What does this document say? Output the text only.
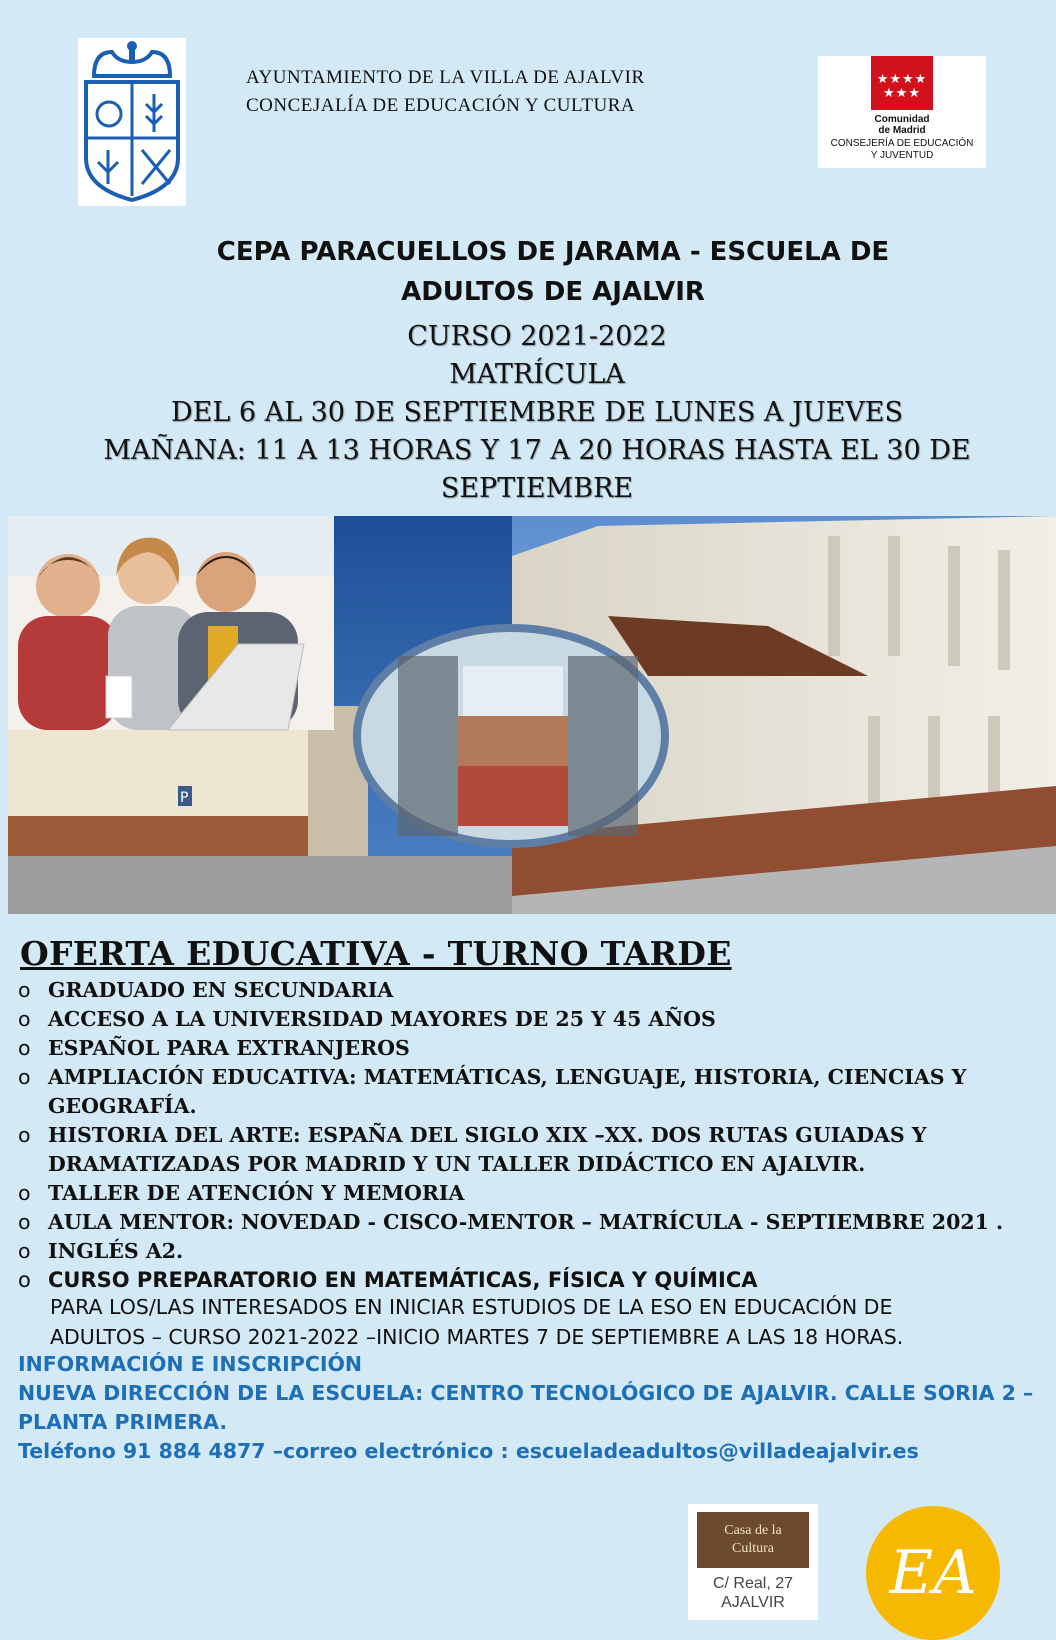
AYUNTAMIENTO DE LA VILLA DE AJALVIR
CONCEJALÍA DE EDUCACIÓN Y CULTURA
★★★★
★★★
Comunidad
de Madrid
CONSEJERÍA DE EDUCACIÓN
Y JUVENTUD
CEPA PARACUELLOS DE JARAMA - ESCUELA DE
ADULTOS DE AJALVIR
CURSO 2021-2022
MATRÍCULA
DEL 6 AL 30 DE SEPTIEMBRE DE LUNES A JUEVES
MAÑANA: 11 A 13 HORAS Y 17 A 20 HORAS HASTA EL 30 DE
SEPTIEMBRE
P
OFERTA EDUCATIVA - TURNO TARDE
o GRADUADO EN SECUNDARIA
o ACCESO A LA UNIVERSIDAD MAYORES DE 25 Y 45 AÑOS
o ESPAÑOL PARA EXTRANJEROS
o AMPLIACIÓN EDUCATIVA: MATEMÁTICAS, LENGUAJE, HISTORIA, CIENCIAS Y GEOGRAFÍA.
o HISTORIA DEL ARTE: ESPAÑA DEL SIGLO XIX –XX. DOS RUTAS GUIADAS Y DRAMATIZADAS POR MADRID Y UN TALLER DIDÁCTICO EN AJALVIR.
o TALLER DE ATENCIÓN Y MEMORIA
o AULA MENTOR: NOVEDAD - CISCO-MENTOR – MATRÍCULA - SEPTIEMBRE 2021 .
o INGLÉS A2.
o CURSO PREPARATORIO EN MATEMÁTICAS, FÍSICA Y QUÍMICA
PARA LOS/LAS INTERESADOS EN INICIAR ESTUDIOS DE LA ESO EN EDUCACIÓN DE
ADULTOS – CURSO 2021-2022 –INICIO MARTES 7 DE SEPTIEMBRE A LAS 18 HORAS.
INFORMACIÓN E INSCRIPCIÓN
NUEVA DIRECCIÓN DE LA ESCUELA: CENTRO TECNOLÓGICO DE AJALVIR. CALLE SORIA 2 –
PLANTA PRIMERA.
Teléfono 91 884 4877 –correo electrónico : escueladeadultos@villadeajalvir.es
Casa de la
Cultura
C/ Real, 27
AJALVIR	EA
